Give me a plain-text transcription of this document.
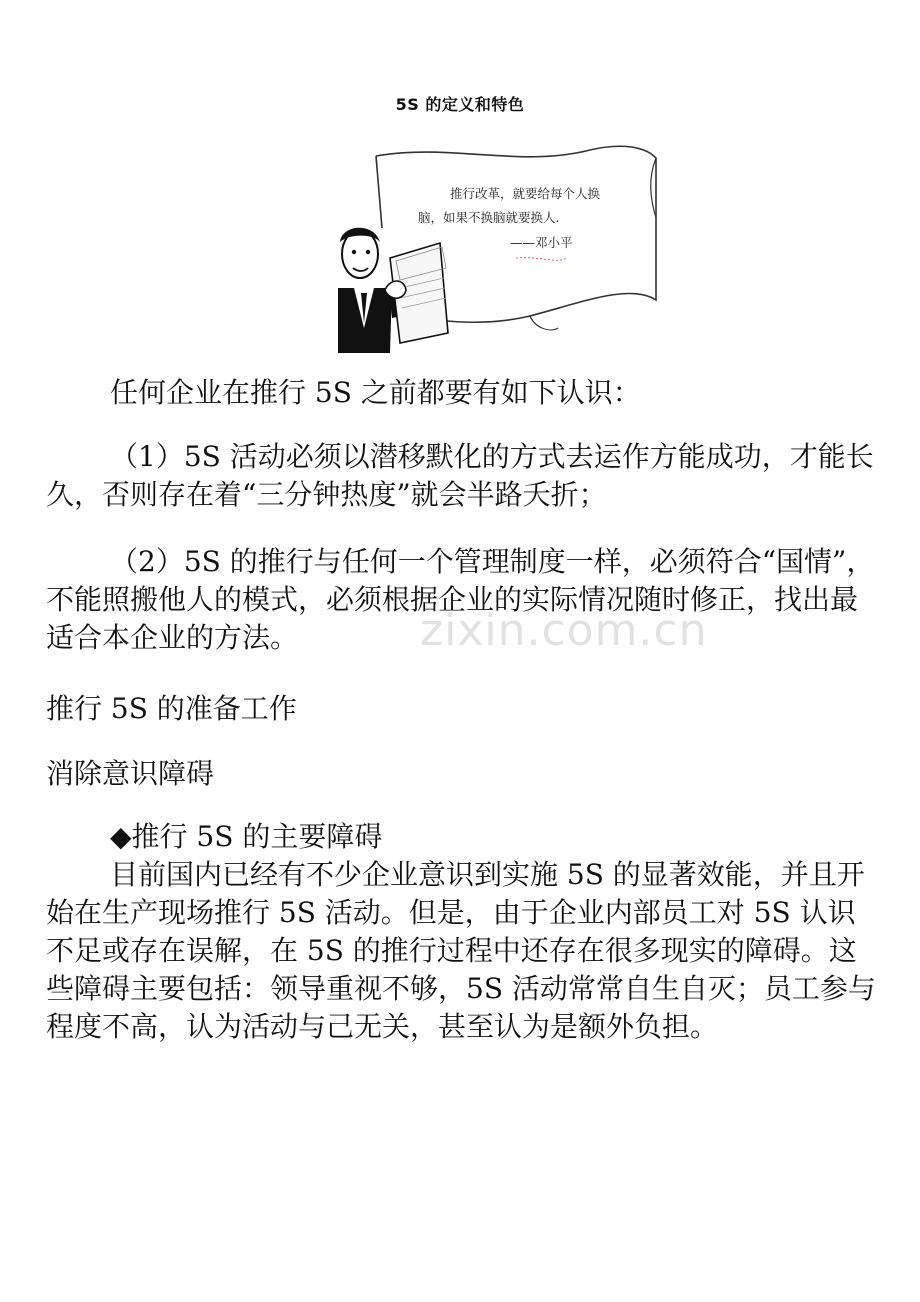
5S 的定义和特色
推行改革，就要给每个人换
脑，如果不换脑就要换人.
——邓小平

任何企业在推行 5S 之前都要有如下认识：

（1）5S 活动必须以潜移默化的方式去运作方能成功，才能长久，否则存在着“三分钟热度”就会半路夭折；

（2）5S 的推行与任何一个管理制度一样，必须符合“国情”，不能照搬他人的模式，必须根据企业的实际情况随时修正，找出最适合本企业的方法。

推行 5S 的准备工作

消除意识障碍

◆推行 5S 的主要障碍

目前国内已经有不少企业意识到实施 5S 的显著效能，并且开始在生产现场推行 5S 活动。但是，由于企业内部员工对 5S 认识不足或存在误解，在 5S 的推行过程中还存在很多现实的障碍。这些障碍主要包括：领导重视不够，5S 活动常常自生自灭；员工参与程度不高，认为活动与己无关，甚至认为是额外负担。

zixin.com.cn
